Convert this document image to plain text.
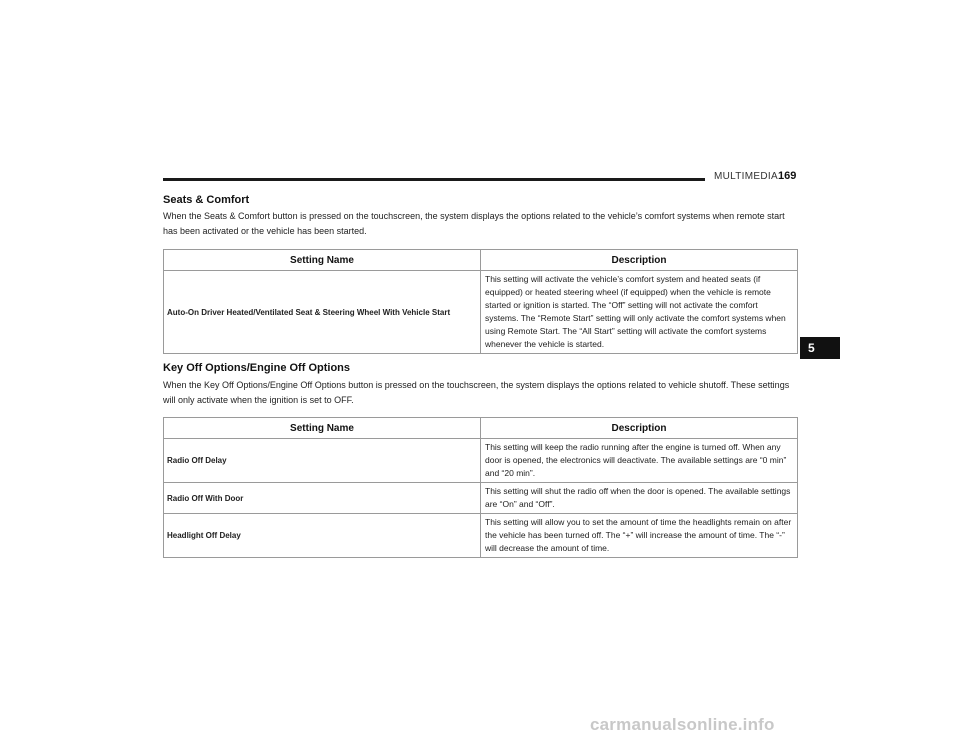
MULTIMEDIA 169
5
Seats & Comfort

When the Seats & Comfort button is pressed on the touchscreen, the system displays the options related to the vehicle’s comfort systems when remote start has been activated or the vehicle has been started.

Setting Name	Description
Auto-On Driver Heated/Ventilated Seat & Steering Wheel With Vehicle Start	This setting will activate the vehicle’s comfort system and heated seats (if equipped) or heated steering wheel (if equipped) when the vehicle is remote started or ignition is started. The “Off” setting will not activate the comfort systems. The “Remote Start” setting will only activate the comfort systems when using Remote Start. The “All Start” setting will activate the comfort systems whenever the vehicle is started.
Key Off Options/Engine Off Options

When the Key Off Options/Engine Off Options button is pressed on the touchscreen, the system displays the options related to vehicle shutoff. These settings will only activate when the ignition is set to OFF.

Setting Name	Description
Radio Off Delay	This setting will keep the radio running after the engine is turned off. When any door is opened, the electronics will deactivate. The available settings are “0 min” and “20 min”.
Radio Off With Door	This setting will shut the radio off when the door is opened. The available settings are “On” and “Off”.
Headlight Off Delay	This setting will allow you to set the amount of time the headlights remain on after the vehicle has been turned off. The “+” will increase the amount of time. The “-” will decrease the amount of time.
carmanualsonline.info
